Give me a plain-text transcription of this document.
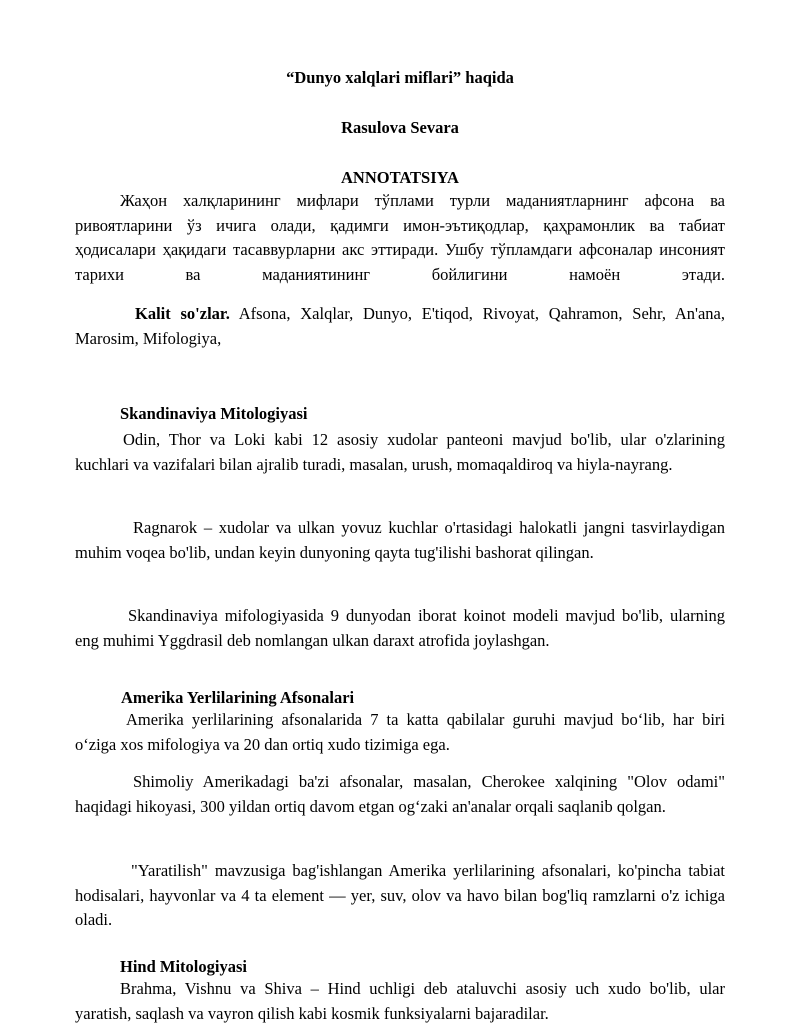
“Dunyo xalqlari miflari” haqida
Rasulova Sevara
ANNOTATSIYA

Жаҳон халқларининг мифлари тўплами турли маданиятларнинг афсона ва ривоятларини ўз ичига олади, қадимги имон-эътиқодлар, қаҳрамонлик ва табиат ҳодисалари ҳақидаги тасаввурларни акс эттиради. Ушбу тўпламдаги афсоналар инсоният тарихи ва маданиятининг бойлигини намоён этади.

Kalit so'zlar. Afsona, Xalqlar, Dunyo, E'tiqod, Rivoyat, Qahramon, Sehr, An'ana, Marosim, Mifologiya,

Skandinaviya Mitologiyasi

Odin, Thor va Loki kabi 12 asosiy xudolar panteoni mavjud bo'lib, ular o'zlarining kuchlari va vazifalari bilan ajralib turadi, masalan, urush, momaqaldiroq va hiyla-nayrang.

Ragnarok – xudolar va ulkan yovuz kuchlar o'rtasidagi halokatli jangni tasvirlaydigan muhim voqea bo'lib, undan keyin dunyoning qayta tug'ilishi bashorat qilingan.

Skandinaviya mifologiyasida 9 dunyodan iborat koinot modeli mavjud bo'lib, ularning eng muhimi Yggdrasil deb nomlangan ulkan daraxt atrofida joylashgan.

Amerika Yerlilarining Afsonalari

Amerika yerlilarining afsonalarida 7 ta katta qabilalar guruhi mavjud bo‘lib, har biri o‘ziga xos mifologiya va 20 dan ortiq xudo tizimiga ega.

Shimoliy Amerikadagi ba'zi afsonalar, masalan, Cherokee xalqining "Olov odami" haqidagi hikoyasi, 300 yildan ortiq davom etgan og‘zaki an'analar orqali saqlanib qolgan.

"Yaratilish" mavzusiga bag'ishlangan Amerika yerlilarining afsonalari, ko'pincha tabiat hodisalari, hayvonlar va 4 ta element — yer, suv, olov va havo bilan bog'liq ramzlarni o'z ichiga oladi.

Hind Mitologiyasi

Brahma, Vishnu va Shiva – Hind uchligi deb ataluvchi asosiy uch xudo bo'lib, ular yaratish, saqlash va vayron qilish kabi kosmik funksiyalarni bajaradilar.
